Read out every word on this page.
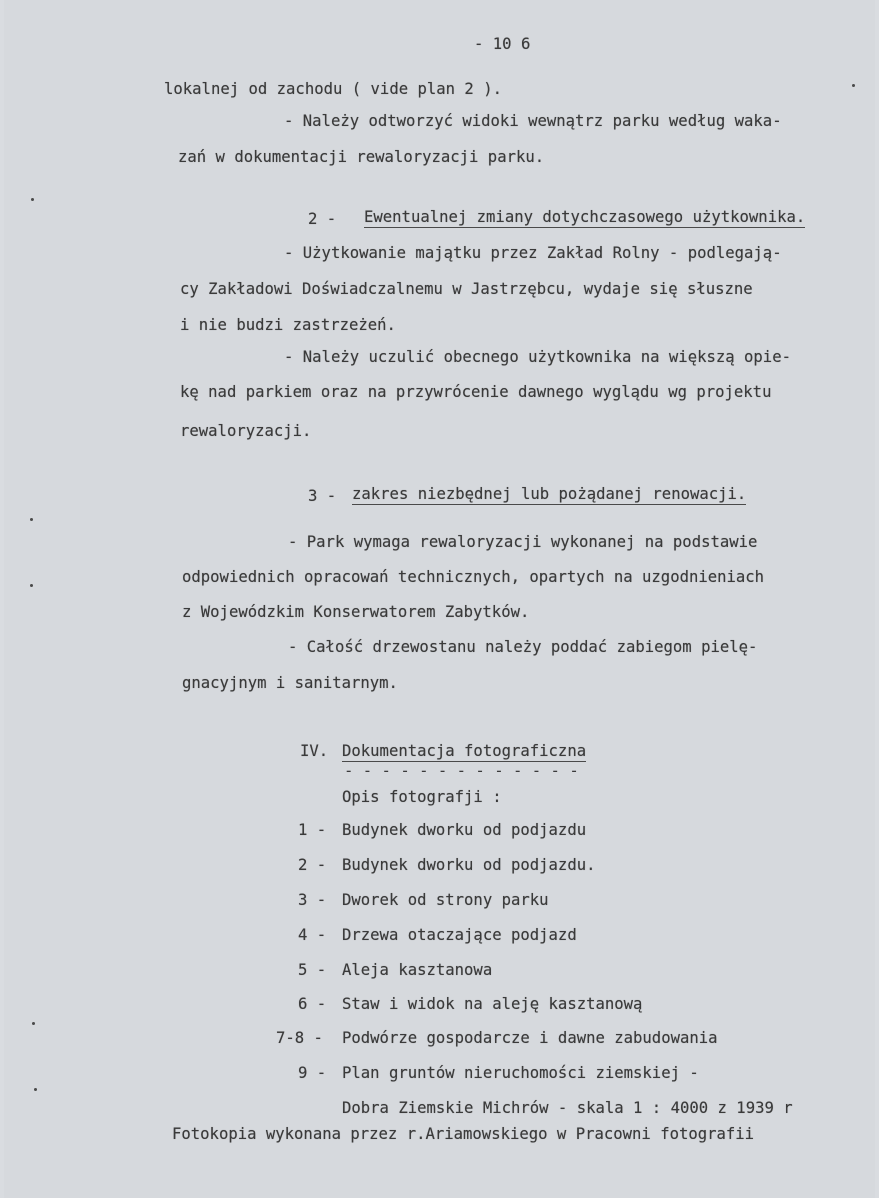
- 10 6
lokalnej od zachodu ( vide plan 2 ).
- Należy odtworzyć widoki wewnątrz parku według waka-
zań w dokumentacji rewaloryzacji parku.
2 - Ewentualnej zmiany dotychczasowego użytkownika.
- Użytkowanie majątku przez Zakład Rolny - podlegają-
cy Zakładowi Doświadczalnemu w Jastrzębcu, wydaje się słuszne
i nie budzi zastrzeżeń.
- Należy uczulić obecnego użytkownika na większą opie-
kę nad parkiem oraz na przywrócenie dawnego wyglądu wg projektu
rewaloryzacji.
3 - zakres niezbędnej lub pożądanej renowacji.
- Park wymaga rewaloryzacji wykonanej na podstawie
odpowiednich opracowań technicznych, opartych na uzgodnieniach
z Wojewódzkim Konserwatorem Zabytków.
- Całość drzewostanu należy poddać zabiegom pielę-
gnacyjnym i sanitarnym.
IV. Dokumentacja fotograficzna
- - - - - - - - - - - - -
Opis fotografji :
1 - Budynek dworku od podjazdu
2 - Budynek dworku od podjazdu.
3 - Dworek od strony parku
4 - Drzewa otaczające podjazd
5 - Aleja kasztanowa
6 - Staw i widok na aleję kasztanową
7-8 - Podwórze gospodarcze i dawne zabudowania
9 - Plan gruntów nieruchomości ziemskiej -
Dobra Ziemskie Michrów - skala 1 : 4000 z 1939 r
Fotokopia wykonana przez r.Ariamowskiego w Pracowni fotografii
